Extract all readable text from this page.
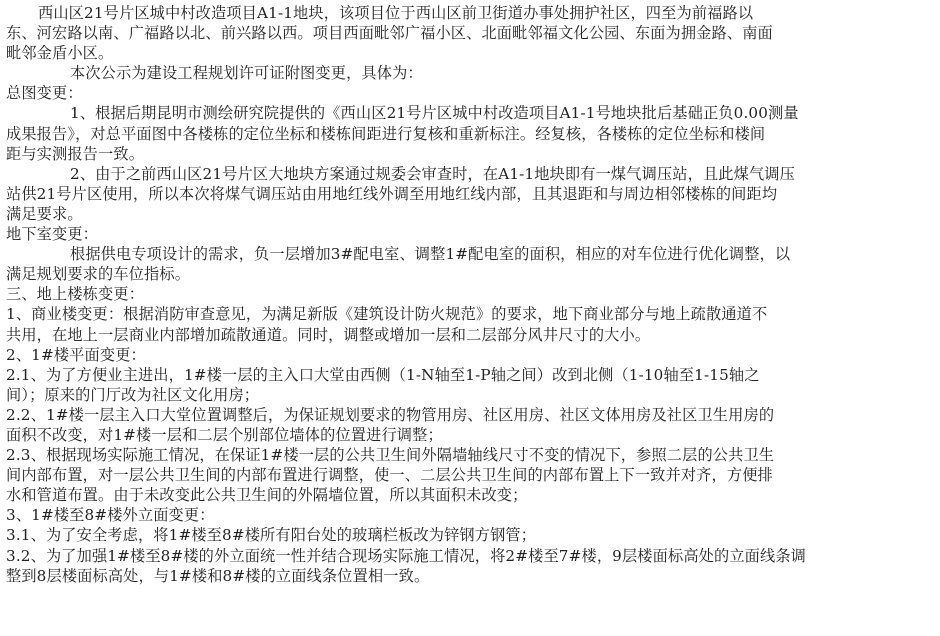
西山区21号片区城中村改造项目A1-1地块，该项目位于西山区前卫街道办事处拥护社区，四至为前福路以
东、河宏路以南、广福路以北、前兴路以西。项目西面毗邻广福小区、北面毗邻福文化公园、东面为拥金路、南面
毗邻金盾小区。
本次公示为建设工程规划许可证附图变更，具体为：
总图变更：
1、根据后期昆明市测绘研究院提供的《西山区21号片区城中村改造项目A1-1号地块批后基础正负0.00测量
成果报告》，对总平面图中各楼栋的定位坐标和楼栋间距进行复核和重新标注。经复核，各楼栋的定位坐标和楼间
距与实测报告一致。
2、由于之前西山区21号片区大地块方案通过规委会审查时，在A1-1地块即有一煤气调压站，且此煤气调压
站供21号片区使用，所以本次将煤气调压站由用地红线外调至用地红线内部，且其退距和与周边相邻楼栋的间距均
满足要求。
地下室变更：
根据供电专项设计的需求，负一层增加3#配电室、调整1#配电室的面积，相应的对车位进行优化调整，以
满足规划要求的车位指标。
三、地上楼栋变更：
1、商业楼变更：根据消防审查意见，为满足新版《建筑设计防火规范》的要求，地下商业部分与地上疏散通道不
共用，在地上一层商业内部增加疏散通道。同时，调整或增加一层和二层部分风井尺寸的大小。
2、1#楼平面变更：
2.1、为了方便业主进出，1#楼一层的主入口大堂由西侧（1-N轴至1-P轴之间）改到北侧（1-10轴至1-15轴之
间）；原来的门厅改为社区文化用房；
2.2、1#楼一层主入口大堂位置调整后，为保证规划要求的物管用房、社区用房、社区文体用房及社区卫生用房的
面积不改变，对1#楼一层和二层个别部位墙体的位置进行调整；
2.3、根据现场实际施工情况，在保证1#楼一层的公共卫生间外隔墙轴线尺寸不变的情况下，参照二层的公共卫生
间内部布置，对一层公共卫生间的内部布置进行调整，使一、二层公共卫生间的内部布置上下一致并对齐，方便排
水和管道布置。由于未改变此公共卫生间的外隔墙位置，所以其面积未改变；
3、1#楼至8#楼外立面变更：
3.1、为了安全考虑，将1#楼至8#楼所有阳台处的玻璃栏板改为锌钢方钢管；
3.2、为了加强1#楼至8#楼的外立面统一性并结合现场实际施工情况，将2#楼至7#楼，9层楼面标高处的立面线条调
整到8层楼面标高处，与1#楼和8#楼的立面线条位置相一致。
